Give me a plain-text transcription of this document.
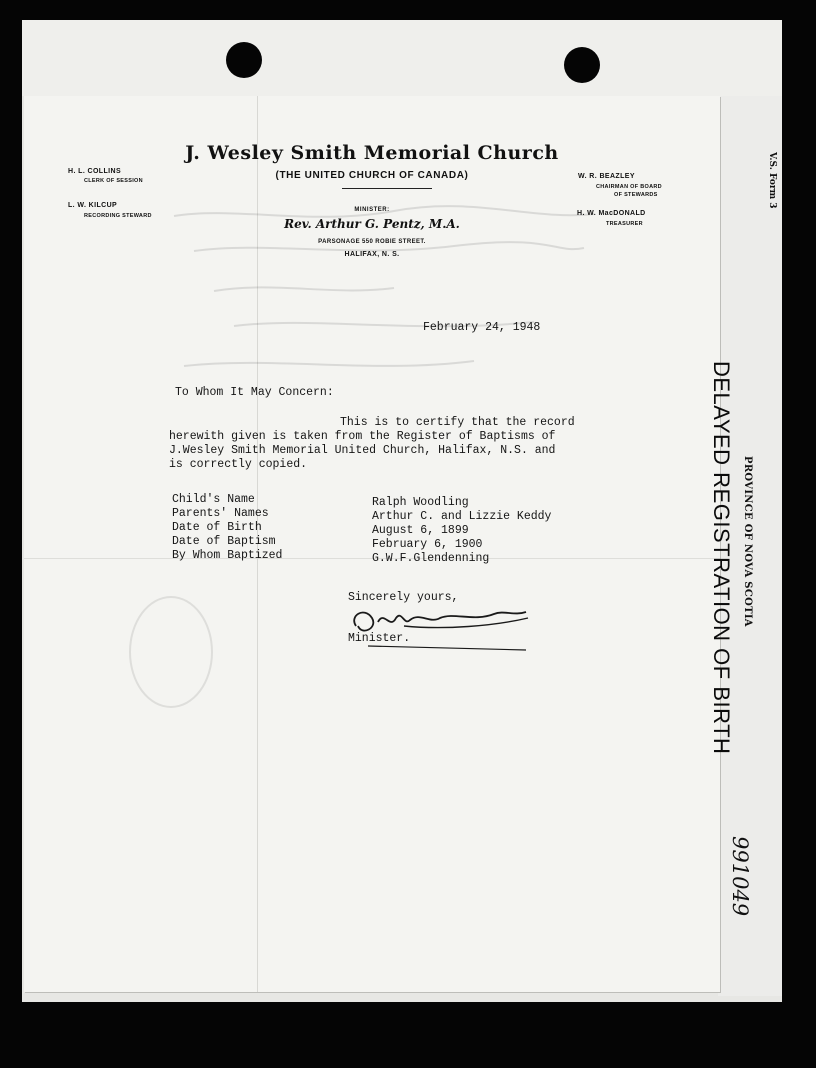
J. Wesley Smith Memorial Church
(THE UNITED CHURCH OF CANADA)
MINISTER:
Rev. Arthur G. Pentz, M.A.
PARSONAGE 550 ROBIE STREET.
HALIFAX, N. S.
H. L. COLLINS
CLERK OF SESSION
L. W. KILCUP
RECORDING STEWARD
W. R. BEAZLEY
CHAIRMAN OF BOARD
OF STEWARDS
H. W. MacDONALD
TREASURER
February 24, 1948
To Whom It May Concern:
This is to certify that the record
herewith given is taken from the Register of Baptisms of
J.Wesley Smith Memorial United Church, Halifax, N.S. and
is correctly copied.
Child's Name	Ralph Woodling
Parents' Names	Arthur C. and Lizzie Keddy
Date of Birth	August 6, 1899
Date of Baptism	February 6, 1900
By Whom Baptized	G.W.F.Glendenning
Sincerely yours,
Minister.
V.S. Form 3
PROVINCE OF NOVA SCOTIA
DELAYED REGISTRATION OF BIRTH
991049
